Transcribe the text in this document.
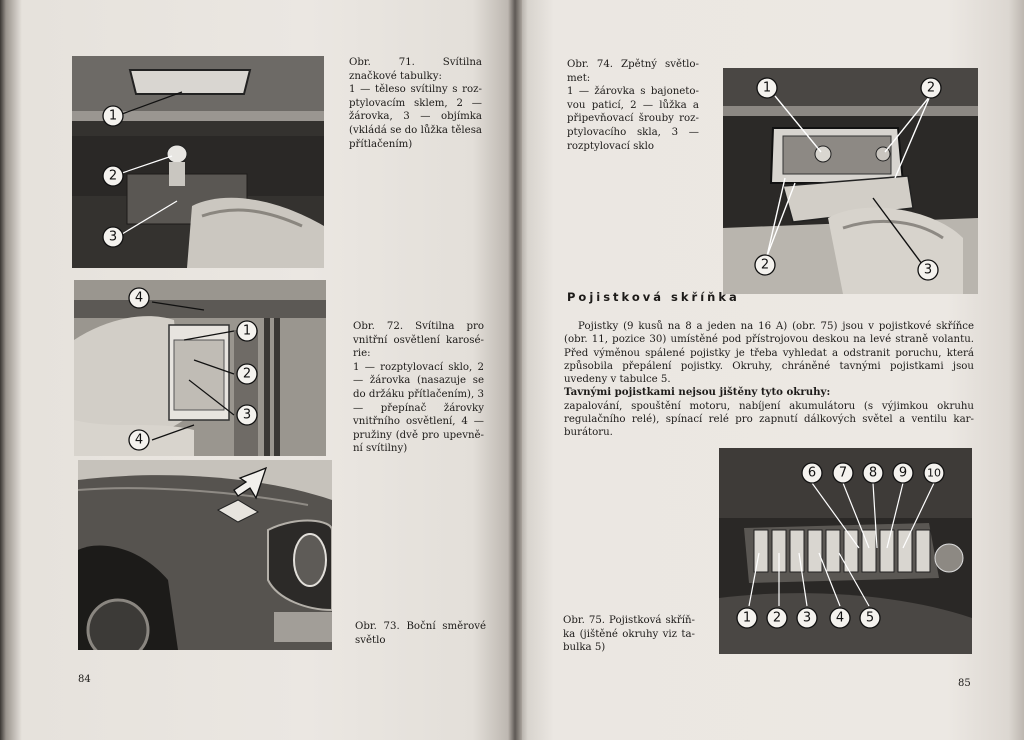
1
2
3
4
1
2
3
4
Obr. 71. Svítilna značkové tabulky:
1 — těleso svítilny s rozptylovacím sklem, 2 — žárovka, 3 — objímka (vkládá se do lůžka tělesa přítlačením)
Obr. 72. Svítilna pro vnitřní osvětlení karosérie:
1 — rozptylovací sklo, 2 — žárovka (nasazuje se do držáku přítlačením), 3 — přepínač žárovky vnitřního osvětlení, 4 — pružiny (dvě pro upevnění svítilny)
Obr. 73. Boční směrové světlo
84
1	2
2	3
Obr. 74. Zpětný světlomet:
1 — žárovka s bajonetovou paticí, 2 — lůžka a připevňovací šrouby rozptylovacího skla, 3 — rozptylovací sklo
Pojistková skříňka

Pojistky (9 kusů na 8 a jeden na 16 A) (obr. 75) jsou v pojistkové skříňce (obr. 11, pozice 30) umístěné pod přístrojovou deskou na levé straně volantu. Před výměnou spálené pojistky je třeba vyhledat a odstranit poruchu, která způsobila přepálení pojistky. Okruhy, chráněné tavnými pojistkami jsou uvedeny v tabulce 5.

Tavnými pojistkami nejsou jištěny tyto okruhy:
zapalování, spouštění motoru, nabíjení akumulátoru (s výjimkou okruhu regulačního relé), spínací relé pro zapnutí dálkových světel a ventilu karburátoru.
6 7 8 9 10
1 2 3 4 5
Obr. 75. Pojistková skříňka (jištěné okruhy viz tabulka 5)
85
